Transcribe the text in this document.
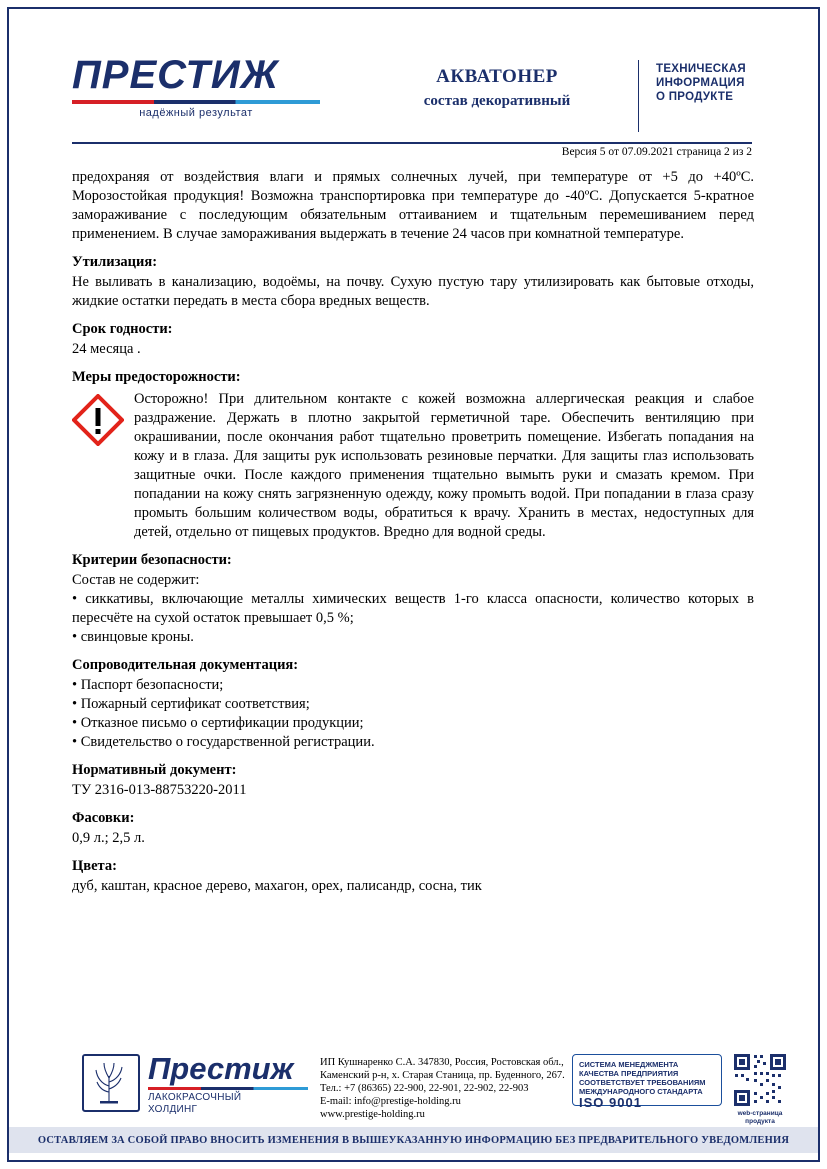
ПРЕСТИЖ
надёжный результат
АКВАТОНЕР
состав декоративный
ТЕХНИЧЕСКАЯ
ИНФОРМАЦИЯ
О ПРОДУКТЕ
Версия 5 от 07.09.2021 страница 2 из 2

предохраняя от воздействия влаги и прямых солнечных лучей, при температуре от +5 до +40ºС. Морозостойкая продукция! Возможна транспортировка при температуре до -40ºС. Допускается 5-кратное замораживание с последующим обязательным оттаиванием и тщательным перемешиванием перед применением. В случае замораживания выдержать в течение 24 часов при комнатной температуре.

Утилизация:

Не выливать в канализацию, водоёмы, на почву. Сухую пустую тару утилизировать как бытовые отходы, жидкие остатки передать в места сбора вредных веществ.

Срок годности:

24 месяца .

Меры предосторожности:
Осторожно! При длительном контакте с кожей возможна аллергическая реакция и слабое раздражение. Держать в плотно закрытой герметичной таре. Обеспечить вентиляцию при окрашивании, после окончания работ тщательно проветрить помещение. Избегать попадания на кожу и в глаза. Для защиты рук использовать резиновые перчатки. Для защиты глаз использовать защитные очки. После каждого применения тщательно вымыть руки и смазать кремом. При попадании на кожу снять загрязненную одежду, кожу промыть водой. При попадании в глаза сразу промыть большим количеством воды, обратиться к врачу. Хранить в местах, недоступных для детей, отдельно от пищевых продуктов. Вредно для водной среды.
Критерии безопасности:

Состав не содержит:

• сиккативы, включающие металлы химических веществ 1-го класса опасности, количество которых в пересчёте на сухой остаток превышает 0,5 %;
• свинцовые кроны.
Сопроводительная документация:
• Паспорт безопасности;
• Пожарный сертификат соответствия;
• Отказное письмо о сертификации продукции;
• Свидетельство о государственной регистрации.
Нормативный документ:

ТУ 2316-013-88753220-2011

Фасовки:

0,9 л.; 2,5 л.

Цвета:

дуб, каштан, красное дерево, махагон, орех, палисандр, сосна, тик

Престиж
ЛАКОКРАСОЧНЫЙ
ХОЛДИНГ
ИП Кушнаренко С.А. 347830, Россия, Ростовская обл.,
Каменский р-н, х. Старая Станица, пр. Буденного, 267.
Тел.: +7 (86365) 22-900, 22-901, 22-902, 22-903
E-mail: info@prestige-holding.ru
www.prestige-holding.ru
СИСТЕМА МЕНЕДЖМЕНТА
КАЧЕСТВА ПРЕДПРИЯТИЯ
СООТВЕТСТВУЕТ ТРЕБОВАНИЯМ
МЕЖДУНАРОДНОГО СТАНДАРТА
ISO 9001
web-страница
продукта
ОСТАВЛЯЕМ ЗА СОБОЙ ПРАВО ВНОСИТЬ ИЗМЕНЕНИЯ В ВЫШЕУКАЗАННУЮ ИНФОРМАЦИЮ БЕЗ ПРЕДВАРИТЕЛЬНОГО УВЕДОМЛЕНИЯ
